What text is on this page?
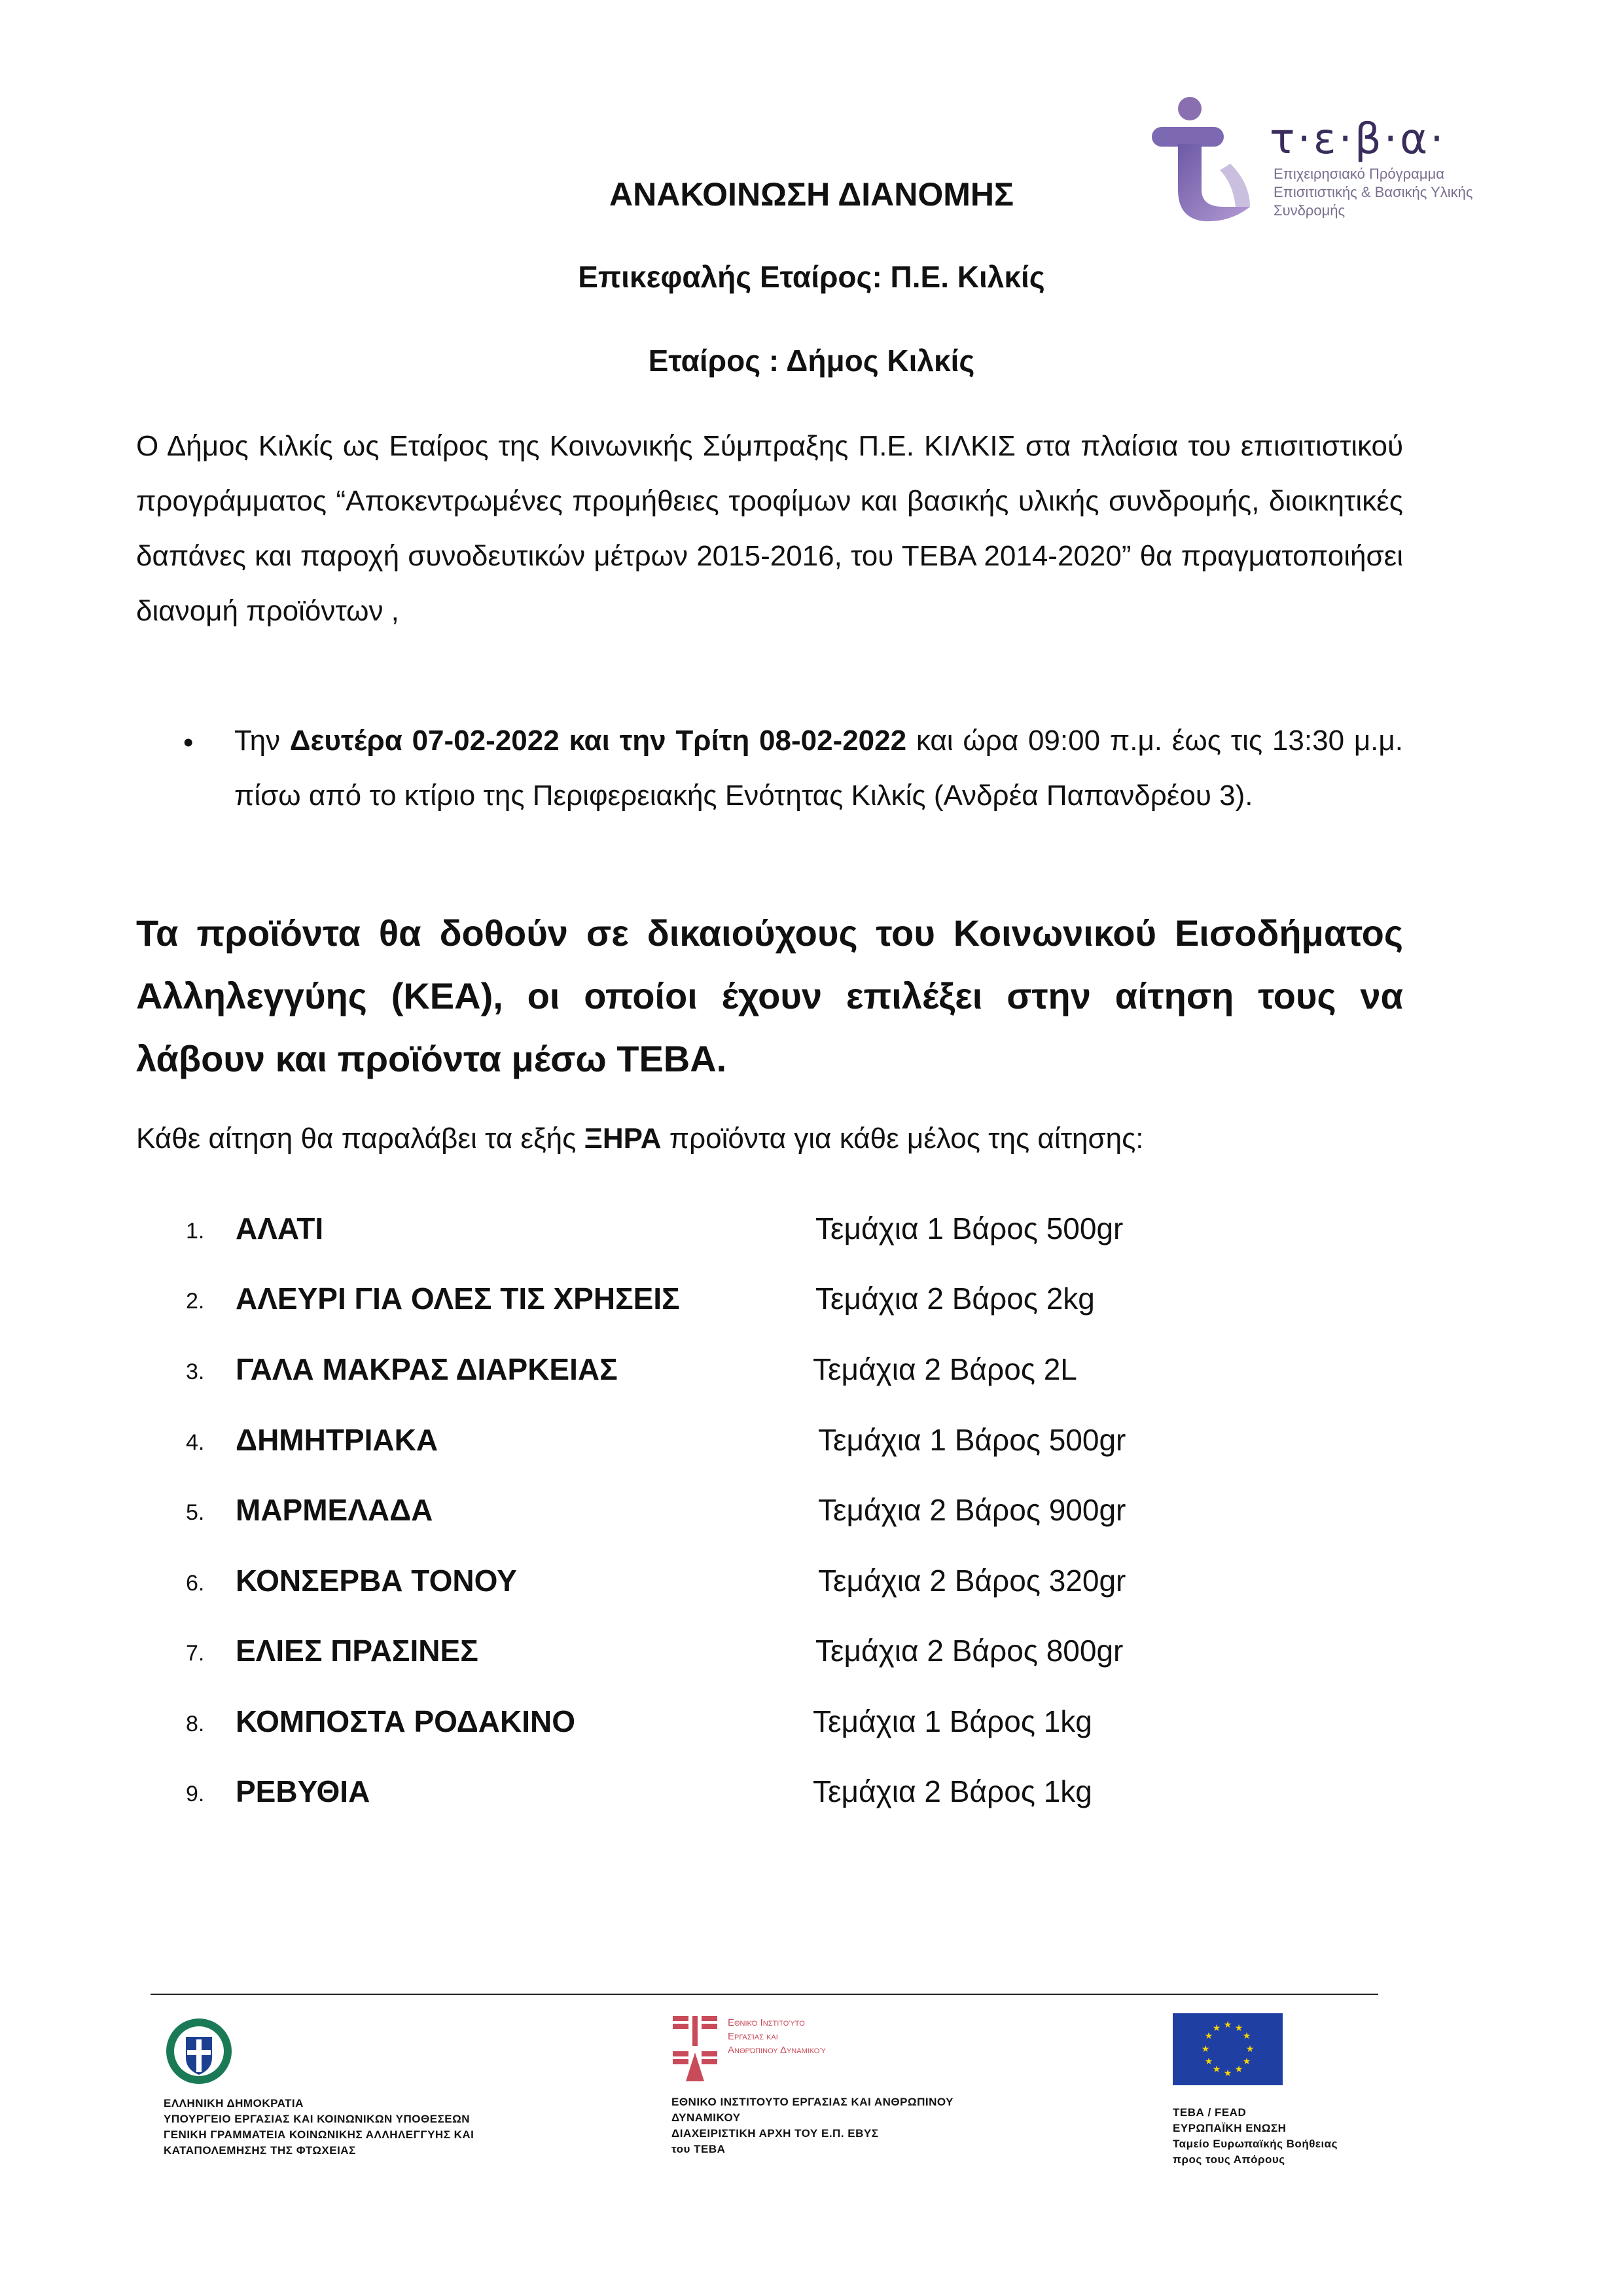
τ·ε·β·α·
Επιχειρησιακό Πρόγραμμα Επισιτιστικής & Βασικής Υλικής Συνδρομής
ΑΝΑΚΟΙΝΩΣΗ ΔΙΑΝΟΜΗΣ
Επικεφαλής Εταίρος: Π.Ε. Κιλκίς
Εταίρος : Δήμος Κιλκίς
Ο Δήμος Κιλκίς ως Εταίρος της Κοινωνικής Σύμπραξης Π.Ε. ΚΙΛΚΙΣ στα πλαίσια του επισιτιστικού προγράμματος “Αποκεντρωμένες προμήθειες τροφίμων και βασικής υλικής συνδρομής, διοικητικές δαπάνες και παροχή συνοδευτικών μέτρων 2015-2016, του ΤΕΒΑ 2014-2020” θα πραγματοποιήσει διανομή προϊόντων ,
• Την Δευτέρα 07-02-2022 και την Τρίτη 08-02-2022 και ώρα 09:00 π.μ. έως τις 13:30 μ.μ. πίσω από το κτίριο της Περιφερειακής Ενότητας Κιλκίς (Ανδρέα Παπανδρέου 3).
Τα προϊόντα θα δοθούν σε δικαιούχους του Κοινωνικού Εισοδήματος Αλληλεγγύης (ΚΕΑ), οι οποίοι έχουν επιλέξει στην αίτηση τους να λάβουν και προϊόντα μέσω ΤΕΒΑ.
Κάθε αίτηση θα παραλάβει τα εξής ΞΗΡΑ προϊόντα για κάθε μέλος της αίτησης:
1. ΑΛΑΤΙ	Τεμάχια 1 Βάρος 500gr
2. ΑΛΕΥΡΙ ΓΙΑ ΟΛΕΣ ΤΙΣ ΧΡΗΣΕΙΣ	Τεμάχια 2 Βάρος 2kg
3. ΓΑΛΑ ΜΑΚΡΑΣ ΔΙΑΡΚΕΙΑΣ	Τεμάχια 2 Βάρος 2L
4. ΔΗΜΗΤΡΙΑΚΑ	Τεμάχια 1 Βάρος 500gr
5. ΜΑΡΜΕΛΑΔΑ	Τεμάχια 2 Βάρος 900gr
6. ΚΟΝΣΕΡΒΑ ΤΟΝΟΥ	Τεμάχια 2 Βάρος 320gr
7. ΕΛΙΕΣ ΠΡΑΣΙΝΕΣ	Τεμάχια 2 Βάρος 800gr
8. ΚΟΜΠΟΣΤΑ ΡΟΔΑΚΙΝΟ	Τεμάχια 1 Βάρος 1kg
9. ΡΕΒΥΘΙΑ	Τεμάχια 2 Βάρος 1kg
ΕΛΛΗΝΙΚΗ ΔΗΜΟΚΡΑΤΙΑ
ΥΠΟΥΡΓΕΙΟ ΕΡΓΑΣΙΑΣ ΚΑΙ ΚΟΙΝΩΝΙΚΩΝ ΥΠΟΘΕΣΕΩΝ
ΓΕΝΙΚΗ ΓΡΑΜΜΑΤΕΙΑ ΚΟΙΝΩΝΙΚΗΣ ΑΛΛΗΛΕΓΓΥΗΣ ΚΑΙ
ΚΑΤΑΠΟΛΕΜΗΣΗΣ ΤΗΣ ΦΤΩΧΕΙΑΣ
Εθνικό Ινστιτούτο Εργασίας και Ανθρώπινου Δυναμικού
ΕΘΝΙΚΟ ΙΝΣΤΙΤΟΥΤΟ ΕΡΓΑΣΙΑΣ ΚΑΙ ΑΝΘΡΩΠΙΝΟΥ
ΔΥΝΑΜΙΚΟΥ
ΔΙΑΧΕΙΡΙΣΤΙΚΗ ΑΡΧΗ ΤΟΥ Ε.Π. ΕΒΥΣ
του ΤΕΒΑ
★ ★
★
★
★
★
★
★
★
★
★
★
ΤΕΒΑ / FEAD
ΕΥΡΩΠΑΪΚΗ ΕΝΩΣΗ
Ταμείο Ευρωπαϊκής Βοήθειας
προς τους Απόρους
